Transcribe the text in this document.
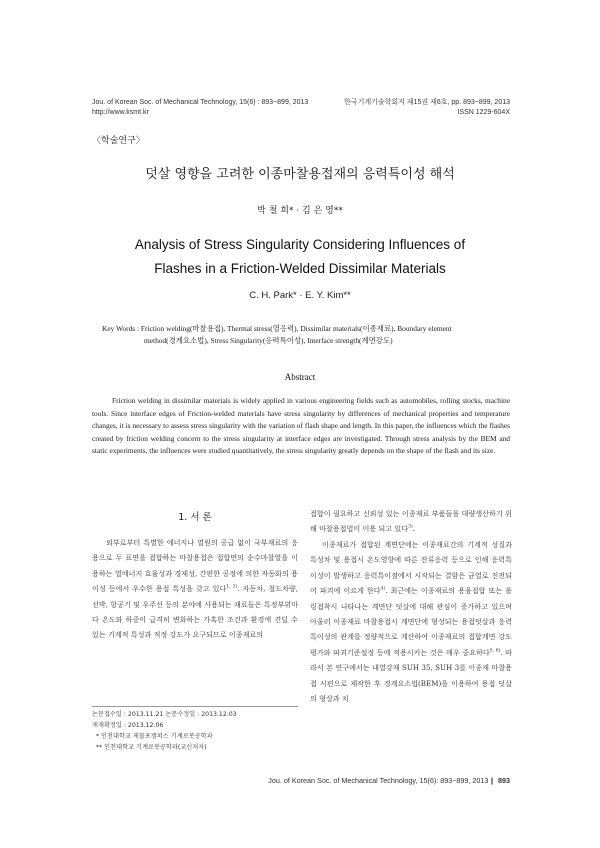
Jou. of Korean Soc. of Mechanical Technology, 15(6) : 893~899, 2013
http://www.ksmt.kr
한국기계기술학회지 제15권 제6호, pp. 893~899, 2013
ISSN 1229-604X
〈학술연구〉
덧살 영향을 고려한 이종마찰용접재의 응력특이성 해석
박 철 희* · 김 은 영**
Analysis of Stress Singularity Considering Influences of
Flashes in a Friction-Welded Dissimilar Materials
C. H. Park* · E. Y. Kim**
Key Words : Friction welding(마찰용접), Thermal stress(열응력), Dissimilar materials(이종재료), Boundary element
method(경계요소법), Stress Singularity(응력특이성), Interface strength(계면강도)
Abstract

Friction welding in dissimilar materials is widely applied in various engineering fields such as automobiles, rolling stocks, machine tools. Since interface edges of Friction-welded materials have stress singularity by differences of mechanical properties and temperature changes, it is necessary to assess stress singularity with the variation of flash shape and length. In this paper, the influences which the flashes created by friction welding concern to the stress singularity at interface edges are investigated. Through stress analysis by the BEM and static experiments, the influences were studied quantitatively, the stress singularity greatly depends on the shape of the flash and its size.

1. 서 론

외부로부터 특별한 에너지나 열원의 공급 없이 국부재료의 응용으로 두 표면을 접합하는 마찰용접은 접합면의 순수마찰열을 이용하는 열에너지 효율성과 경제성, 간편한 공정에 의한 자동화의 용이성 등에서 우수한 용접 특성을 갖고 있다$^{1, 2)}$. 자동차, 철도차량, 선박, 항공기 및 우주선 등의 분야에 사용되는 재료들은 특정부위마다 온도와 하중이 급격히 변화하는 가혹한 조건과 환경에 견딜 수 있는 기계적 특성과 적정 강도가 요구되므로 이종재료의

접합이 필요하고 신뢰성 있는 이종재료 부품들을 대량생산하기 위해 마찰용접법이 이용 되고 있다$^{3)}$.

이종재료가 접합된 계면단에는 이종재료간의 기계적 성질과 특성차 및 용접시 온도영향에 따른 잔류응력 등으로 인해 응력특이성이 발생하고 응력특이점에서 시작되는 결함은 균열로 진전되어 파괴에 이르게 한다$^{4)}$. 최근에는 이종재료의 용융접합 또는 롤링접착시 나타나는 계면단 덧살에 대해 관심이 증가하고 있으며 아울러 이종재료 마찰용접시 계면단에 형성되는 용접덧살과 응력특이성의 관계를 정량적으로 계산하여 이종재료의 접합계면 강도평가와 파괴기준설정 등에 적용시키는 것은 매우 중요하다$^{5, 6)}$. 따라서 본 연구에서는 내열강재 SUH 35, SUH 3를 이종재 마찰용접 시편으로 제작한 후 경계요소법(BEM)을 이용하여 용접 덧살의 형상과 치

논문접수일 : 2013.11.21 논문수정일 : 2013.12.03
게재확정일 : 2013.12.06
* 인천대학교 제물포캠퍼스 기계로봇공학과
** 인천대학교 기계로봇공학과(교신저자)
Jou. of Korean Soc. of Mechanical Technology, 15(6): 893~899, 2013 ∥ 893
